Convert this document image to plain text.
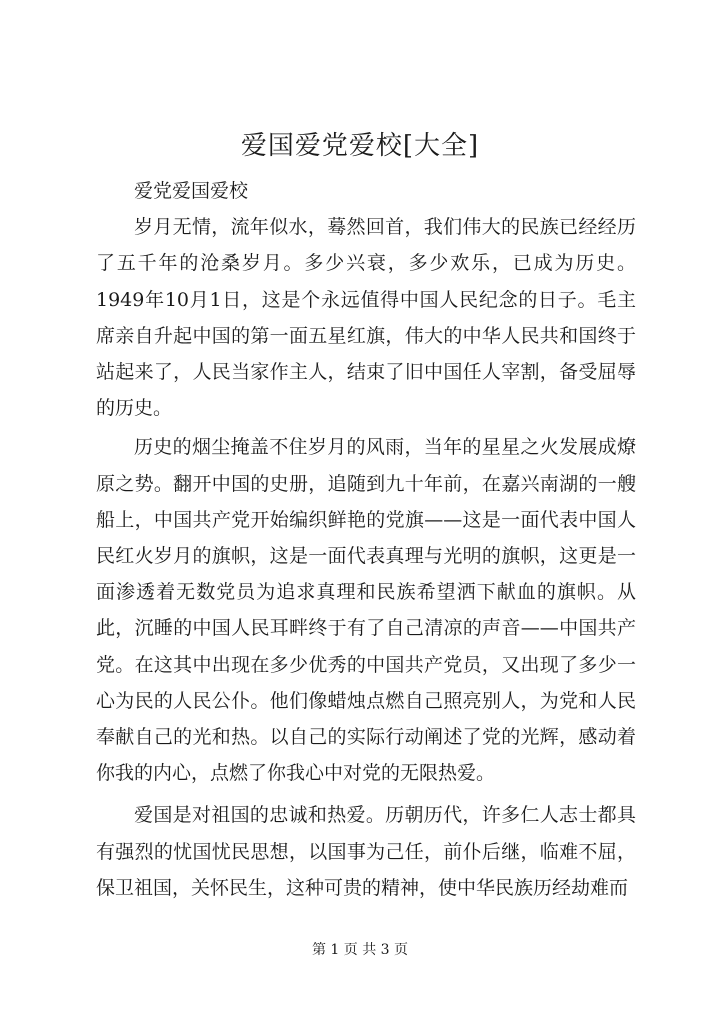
爱国爱党爱校[大全]

爱党爱国爱校

岁月无情，流年似水，蓦然回首，我们伟大的民族已经经历了五千年的沧桑岁月。多少兴衰，多少欢乐，已成为历史。1949年10月1日，这是个永远值得中国人民纪念的日子。毛主席亲自升起中国的第一面五星红旗，伟大的中华人民共和国终于站起来了，人民当家作主人，结束了旧中国任人宰割，备受屈辱的历史。

历史的烟尘掩盖不住岁月的风雨，当年的星星之火发展成燎原之势。翻开中国的史册，追随到九十年前，在嘉兴南湖的一艘船上，中国共产党开始编织鲜艳的党旗——这是一面代表中国人民红火岁月的旗帜，这是一面代表真理与光明的旗帜，这更是一面渗透着无数党员为追求真理和民族希望洒下献血的旗帜。从此，沉睡的中国人民耳畔终于有了自己清凉的声音——中国共产党。在这其中出现在多少优秀的中国共产党员，又出现了多少一心为民的人民公仆。他们像蜡烛点燃自己照亮别人，为党和人民奉献自己的光和热。以自己的实际行动阐述了党的光辉，感动着你我的内心，点燃了你我心中对党的无限热爱。

爱国是对祖国的忠诚和热爱。历朝历代，许多仁人志士都具有强烈的忧国忧民思想，以国事为己任，前仆后继，临难不屈，保卫祖国，关怀民生，这种可贵的精神，使中华民族历经劫难而

第 1 页 共 3 页
